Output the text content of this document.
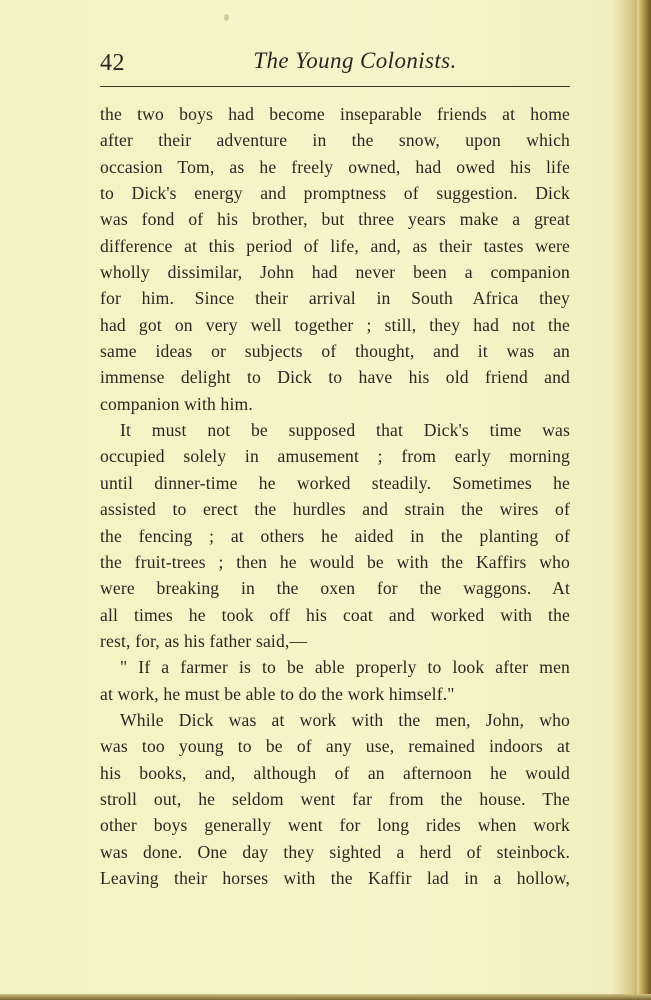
42	The Young Colonists.
the two boys had become inseparable friends at home
after their adventure in the snow, upon which
occasion Tom, as he freely owned, had owed his life
to Dick's energy and promptness of suggestion. Dick
was fond of his brother, but three years make a great
difference at this period of life, and, as their tastes were
wholly dissimilar, John had never been a companion
for him. Since their arrival in South Africa they
had got on very well together ; still, they had not the
same ideas or subjects of thought, and it was an
immense delight to Dick to have his old friend and
companion with him.
It must not be supposed that Dick's time was
occupied solely in amusement ; from early morning
until dinner-time he worked steadily. Sometimes he
assisted to erect the hurdles and strain the wires of
the fencing ; at others he aided in the planting of
the fruit-trees ; then he would be with the Kaffirs who
were breaking in the oxen for the waggons. At
all times he took off his coat and worked with the
rest, for, as his father said,—
" If a farmer is to be able properly to look after men
at work, he must be able to do the work himself."
While Dick was at work with the men, John, who
was too young to be of any use, remained indoors at
his books, and, although of an afternoon he would
stroll out, he seldom went far from the house. The
other boys generally went for long rides when work
was done. One day they sighted a herd of steinbock.
Leaving their horses with the Kaffir lad in a hollow,
